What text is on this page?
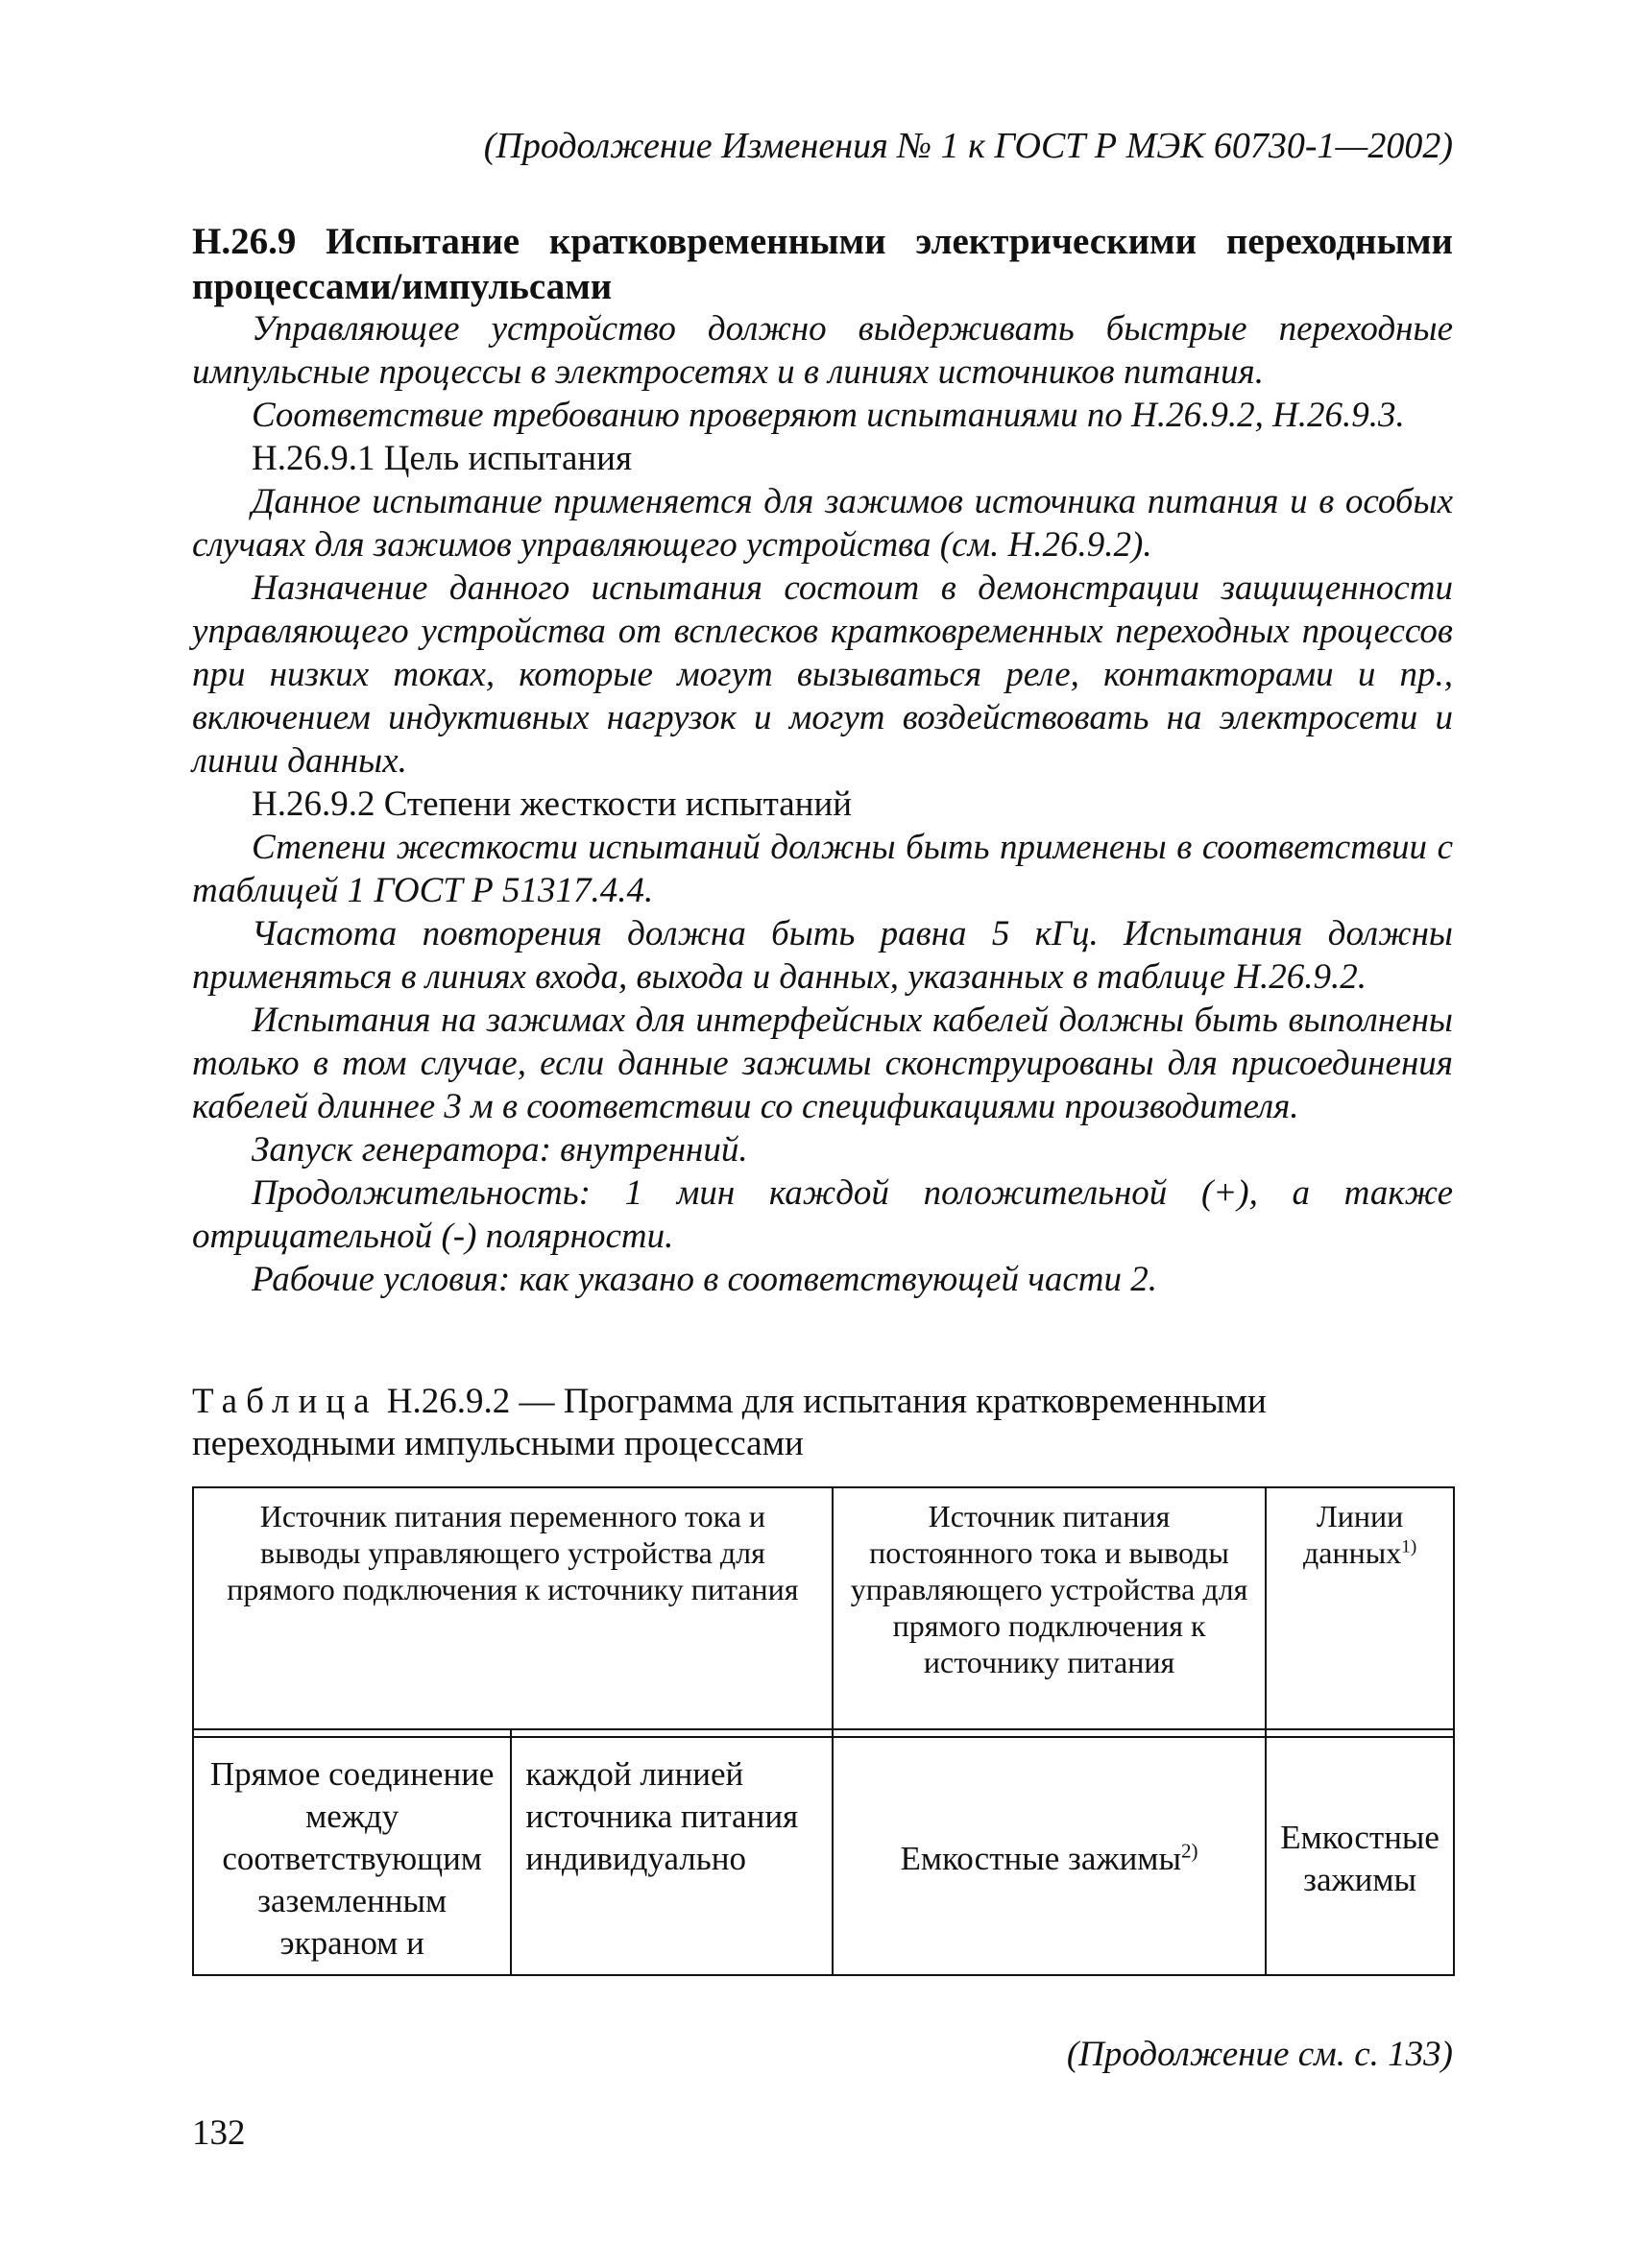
(Продолжение Изменения № 1 к ГОСТ Р МЭК 60730-1—2002)
Н.26.9 Испытание кратковременными электрическими переходными процессами/импульсами

Управляющее устройство должно выдерживать быстрые переходные импульсные процессы в электросетях и в линиях источников питания.

Соответствие требованию проверяют испытаниями по Н.26.9.2, Н.26.9.3.

Н.26.9.1 Цель испытания

Данное испытание применяется для зажимов источника питания и в особых случаях для зажимов управляющего устройства (см. Н.26.9.2).

Назначение данного испытания состоит в демонстрации защищенности управляющего устройства от всплесков кратковременных переходных процессов при низких токах, которые могут вызываться реле, контакторами и пр., включением индуктивных нагрузок и могут воздействовать на электросети и линии данных.

Н.26.9.2 Степени жесткости испытаний

Степени жесткости испытаний должны быть применены в соответствии с таблицей 1 ГОСТ Р 51317.4.4.

Частота повторения должна быть равна 5 кГц. Испытания должны применяться в линиях входа, выхода и данных, указанных в таблице Н.26.9.2.

Испытания на зажимах для интерфейсных кабелей должны быть выполнены только в том случае, если данные зажимы сконструированы для присоединения кабелей длиннее 3 м в соответствии со спецификациями производителя.

Запуск генератора: внутренний.

Продолжительность: 1 мин каждой положительной (+), а также отрицательной (-) полярности.

Рабочие условия: как указано в соответствующей части 2.

Таблица Н.26.9.2 — Программа для испытания кратковременными переходными импульсными процессами
Источник питания переменного тока и выводы управляющего устройства для прямого подключения к источнику питания		Источник питания постоянного тока и выводы управляющего устройства для прямого подключения к источнику питания	Линии данных$^{1)}$

Прямое соединение между соответствующим заземленным экраном и	каждой линией источника питания индивидуально	Емкостные зажимы$^{2)}$	Емкостные зажимы
(Продолжение см. с. 133)
132
